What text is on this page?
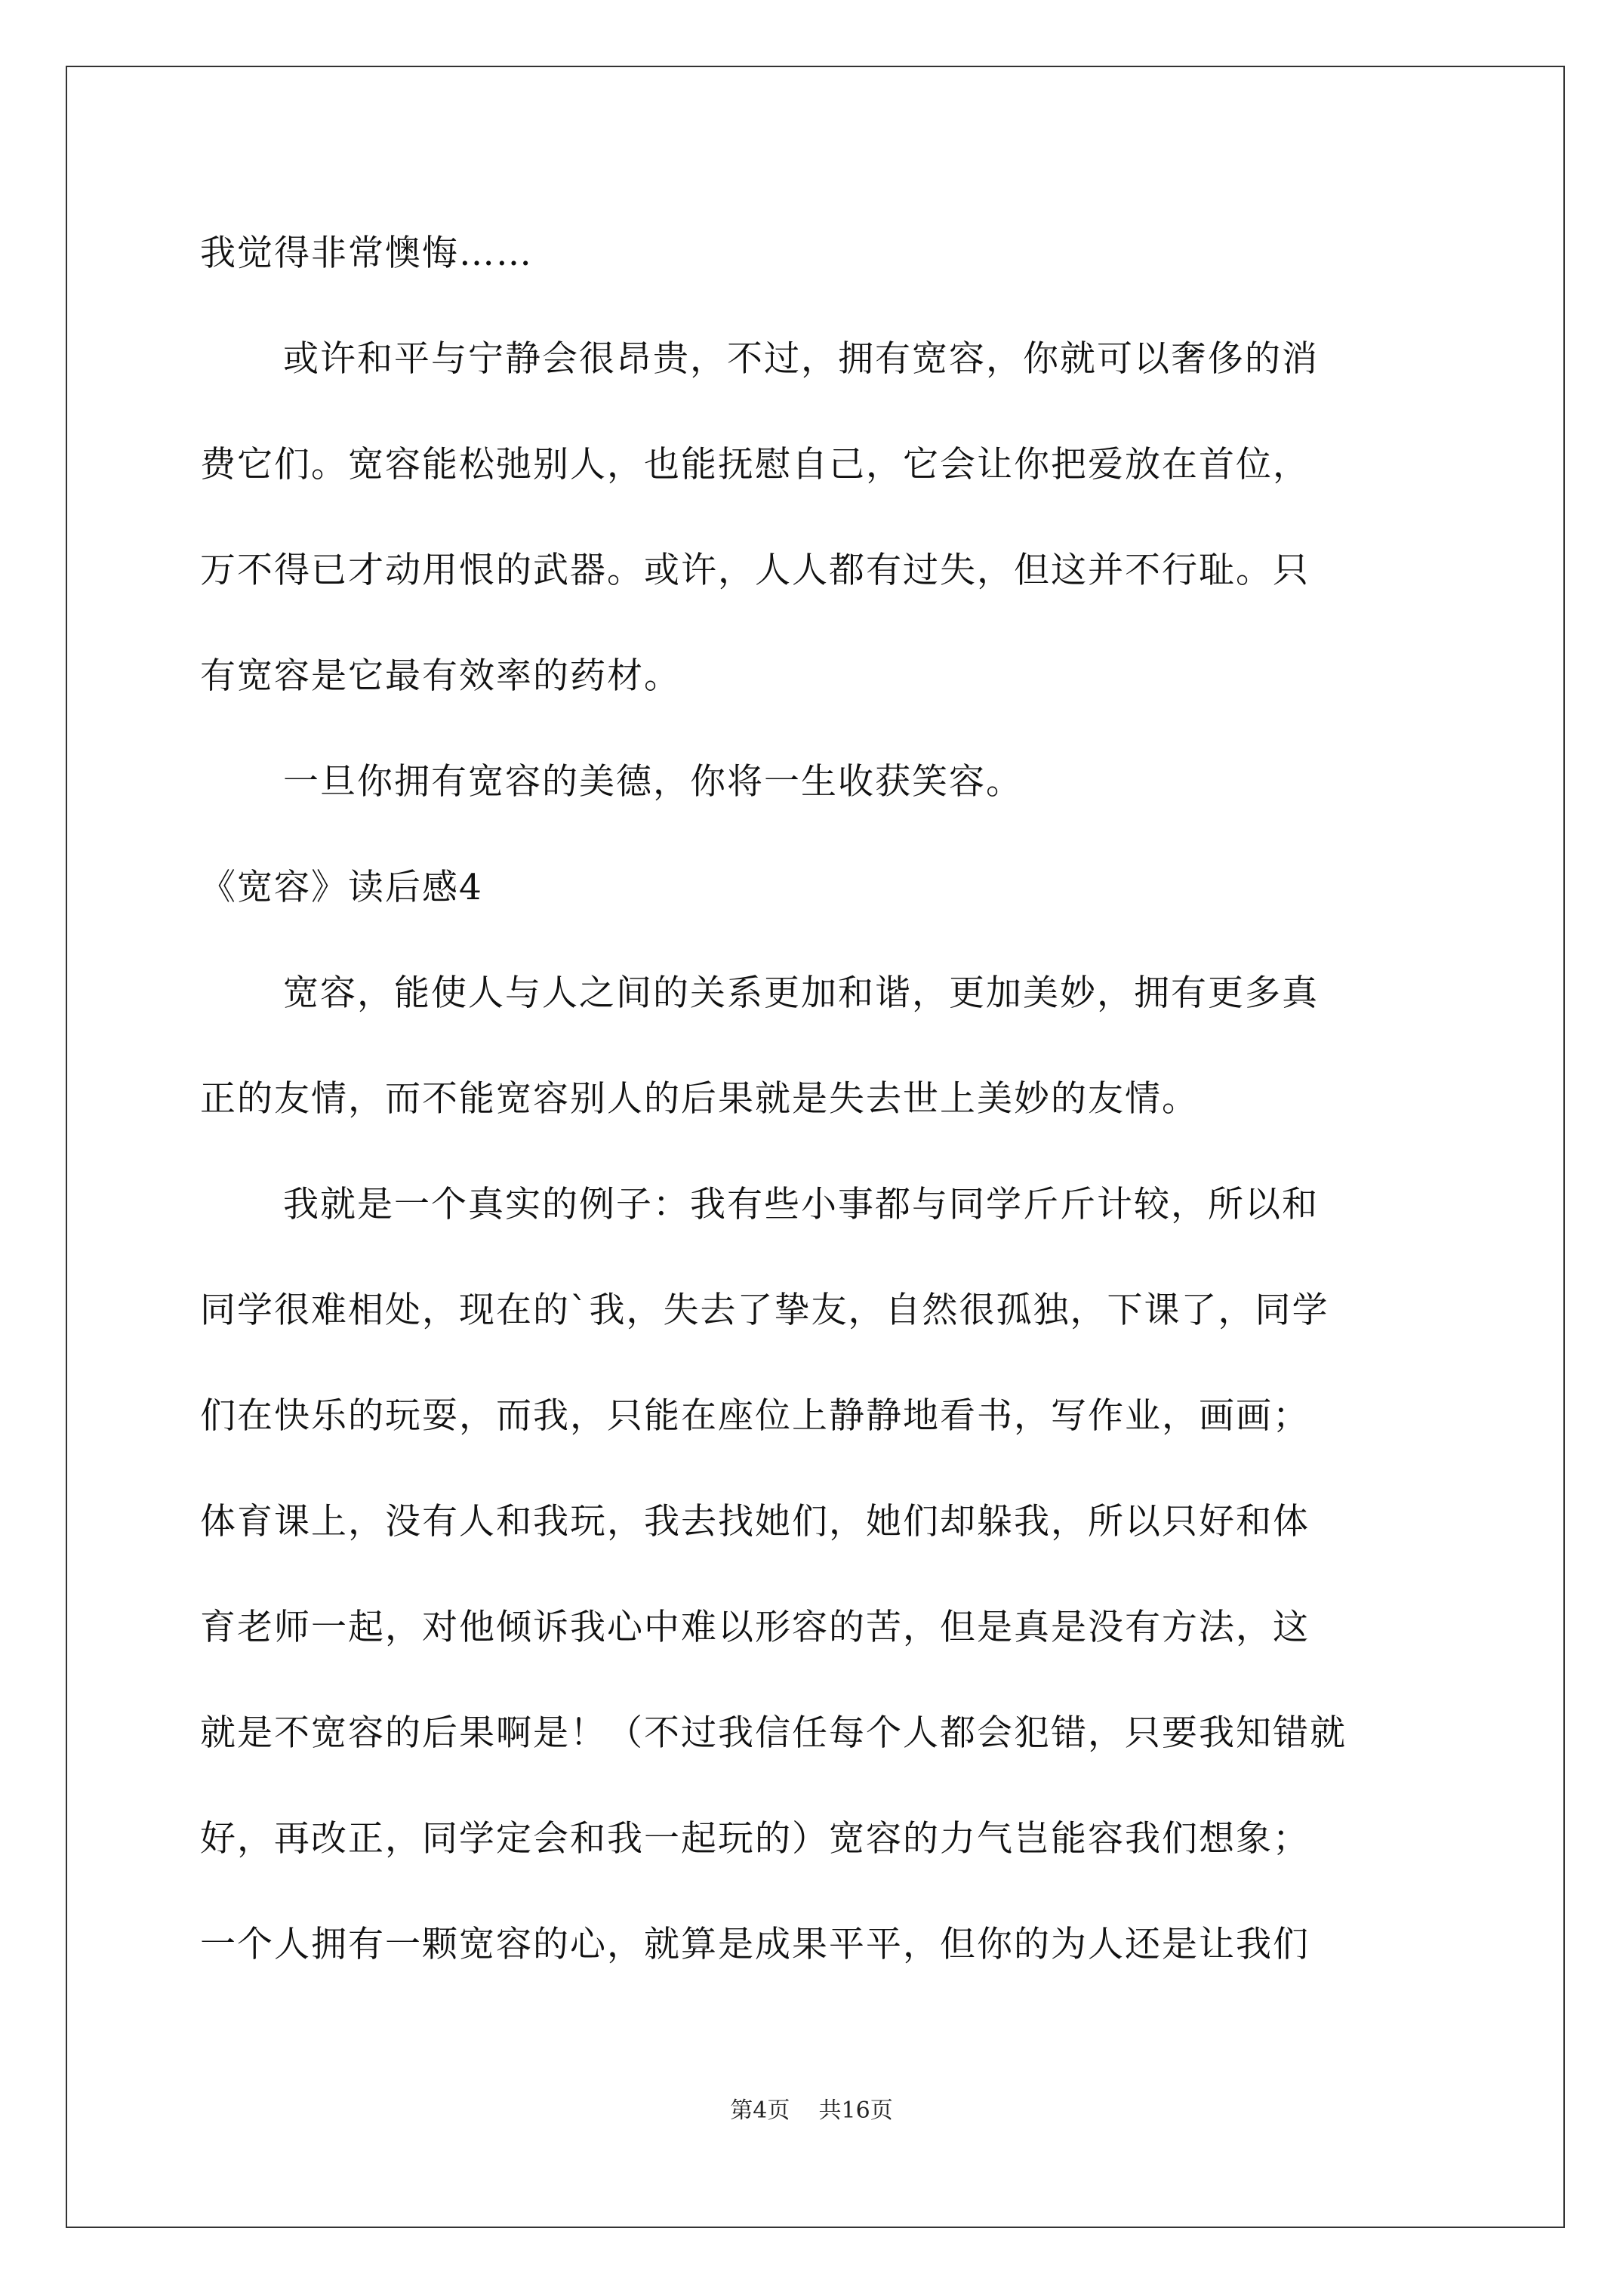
我觉得非常懊悔……
或许和平与宁静会很昂贵，不过，拥有宽容，你就可以奢侈的消
费它们。宽容能松弛别人，也能抚慰自己，它会让你把爱放在首位，
万不得已才动用恨的武器。或许，人人都有过失，但这并不行耻。只
有宽容是它最有效率的药材。
一旦你拥有宽容的美德，你将一生收获笑容。
《宽容》读后感4
宽容，能使人与人之间的关系更加和谐，更加美妙，拥有更多真
正的友情，而不能宽容别人的后果就是失去世上美妙的友情。
我就是一个真实的例子：我有些小事都与同学斤斤计较，所以和
同学很难相处，现在的`我，失去了挚友，自然很孤独，下课了，同学
们在快乐的玩耍，而我，只能在座位上静静地看书，写作业，画画；
体育课上，没有人和我玩，我去找她们，她们却躲我，所以只好和体
育老师一起，对他倾诉我心中难以形容的苦，但是真是没有方法，这
就是不宽容的后果啊是！（不过我信任每个人都会犯错，只要我知错就
好，再改正，同学定会和我一起玩的）宽容的力气岂能容我们想象；
一个人拥有一颗宽容的心，就算是成果平平，但你的为人还是让我们
第4页 共16页
